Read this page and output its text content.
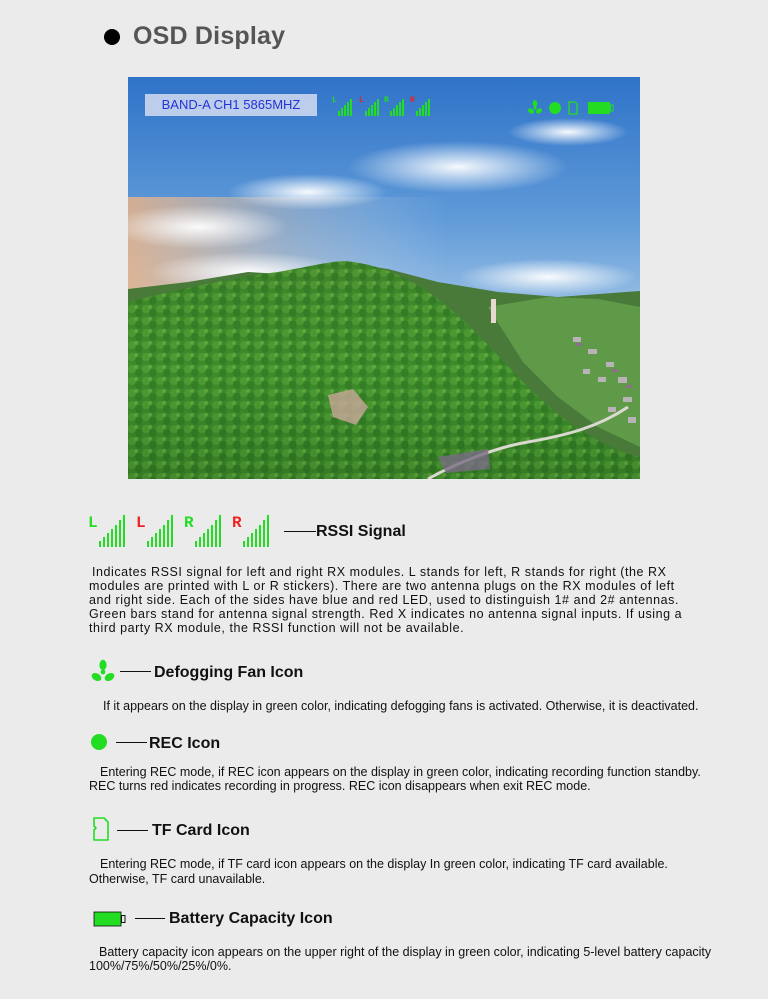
OSD Display
BAND-A CH1 5865MHZ	L	L	R	R
L L R R	RSSI Signal
Indicates RSSI signal for left and right RX modules. L stands for left, R stands for right (the RX
modules are printed with L or R stickers). There are two antenna plugs on the RX modules of left
and right side. Each of the sides have blue and red LED, used to distinguish 1# and 2# antennas.
Green bars stand for antenna signal strength. Red X indicates no antenna signal inputs. If using a
third party RX module, the RSSI function will not be available.
Defogging Fan Icon
If it appears on the display in green color, indicating defogging fans is activated. Otherwise, it is deactivated.
REC Icon
Entering REC mode, if REC icon appears on the display in green color, indicating recording function standby.
REC turns red indicates recording in progress. REC icon disappears when exit REC mode.
TF Card Icon
Entering REC mode, if TF card icon appears on the display In green color, indicating TF card available.
Otherwise, TF card unavailable.
Battery Capacity Icon
Battery capacity icon appears on the upper right of the display in green color, indicating 5-level battery capacity
100%/75%/50%/25%/0%.
